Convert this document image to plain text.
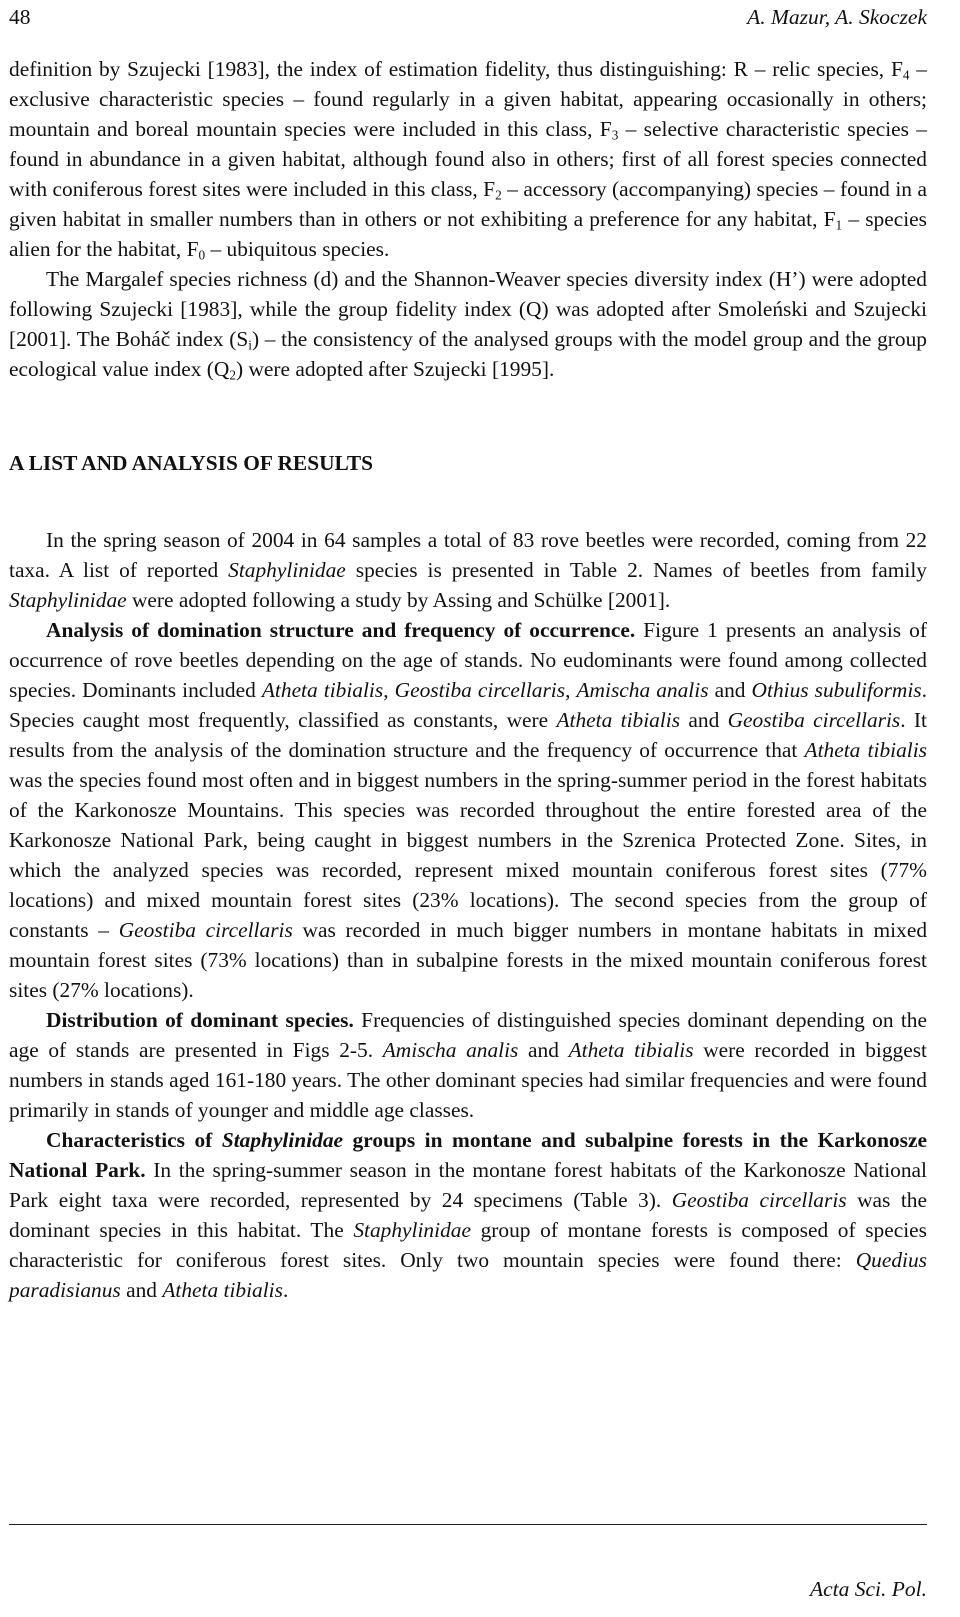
48	A. Mazur, A. Skoczek

definition by Szujecki [1983], the index of estimation fidelity, thus distinguishing: R – relic species, $F_4$ – exclusive characteristic species – found regularly in a given habitat, appearing occasionally in others; mountain and boreal mountain species were included in this class, $F_3$ – selective characteristic species – found in abundance in a given habitat, although found also in others; first of all forest species connected with coniferous forest sites were included in this class, $F_2$ – accessory (accompanying) species – found in a given habitat in smaller numbers than in others or not exhibiting a preference for any habitat, $F_1$ – species alien for the habitat, $F_0$ – ubiquitous species.

The Margalef species richness (d) and the Shannon-Weaver species diversity index (H’) were adopted following Szujecki [1983], while the group fidelity index (Q) was adopted after Smoleński and Szujecki [2001]. The Boháč index $(S_i)$ – the consistency of the analysed groups with the model group and the group ecological value index $(Q_2)$ were adopted after Szujecki [1995].

A LIST AND ANALYSIS OF RESULTS

In the spring season of 2004 in 64 samples a total of 83 rove beetles were recorded, coming from 22 taxa. A list of reported Staphylinidae species is presented in Table 2. Names of beetles from family Staphylinidae were adopted following a study by Assing and Schülke [2001].

Analysis of domination structure and frequency of occurrence. Figure 1 presents an analysis of occurrence of rove beetles depending on the age of stands. No eudominants were found among collected species. Dominants included Atheta tibialis, Geostiba circellaris, Amischa analis and Othius subuliformis. Species caught most frequently, classified as constants, were Atheta tibialis and Geostiba circellaris. It results from the analysis of the domination structure and the frequency of occurrence that Atheta tibialis was the species found most often and in biggest numbers in the spring-summer period in the forest habitats of the Karkonosze Mountains. This species was recorded throughout the entire forested area of the Karkonosze National Park, being caught in biggest numbers in the Szrenica Protected Zone. Sites, in which the analyzed species was recorded, represent mixed mountain coniferous forest sites (77% locations) and mixed mountain forest sites (23% locations). The second species from the group of constants – Geostiba circellaris was recorded in much bigger numbers in montane habitats in mixed mountain forest sites (73% locations) than in subalpine forests in the mixed mountain coniferous forest sites (27% locations).

Distribution of dominant species. Frequencies of distinguished species dominant depending on the age of stands are presented in Figs 2-5. Amischa analis and Atheta tibialis were recorded in biggest numbers in stands aged 161-180 years. The other dominant species had similar frequencies and were found primarily in stands of younger and middle age classes.

Characteristics of Staphylinidae groups in montane and subalpine forests in the Karkonosze National Park. In the spring-summer season in the montane forest habitats of the Karkonosze National Park eight taxa were recorded, represented by 24 specimens (Table 3). Geostiba circellaris was the dominant species in this habitat. The Staphylinidae group of montane forests is composed of species characteristic for coniferous forest sites. Only two mountain species were found there: Quedius paradisianus and Atheta tibialis.

Acta Sci. Pol.
